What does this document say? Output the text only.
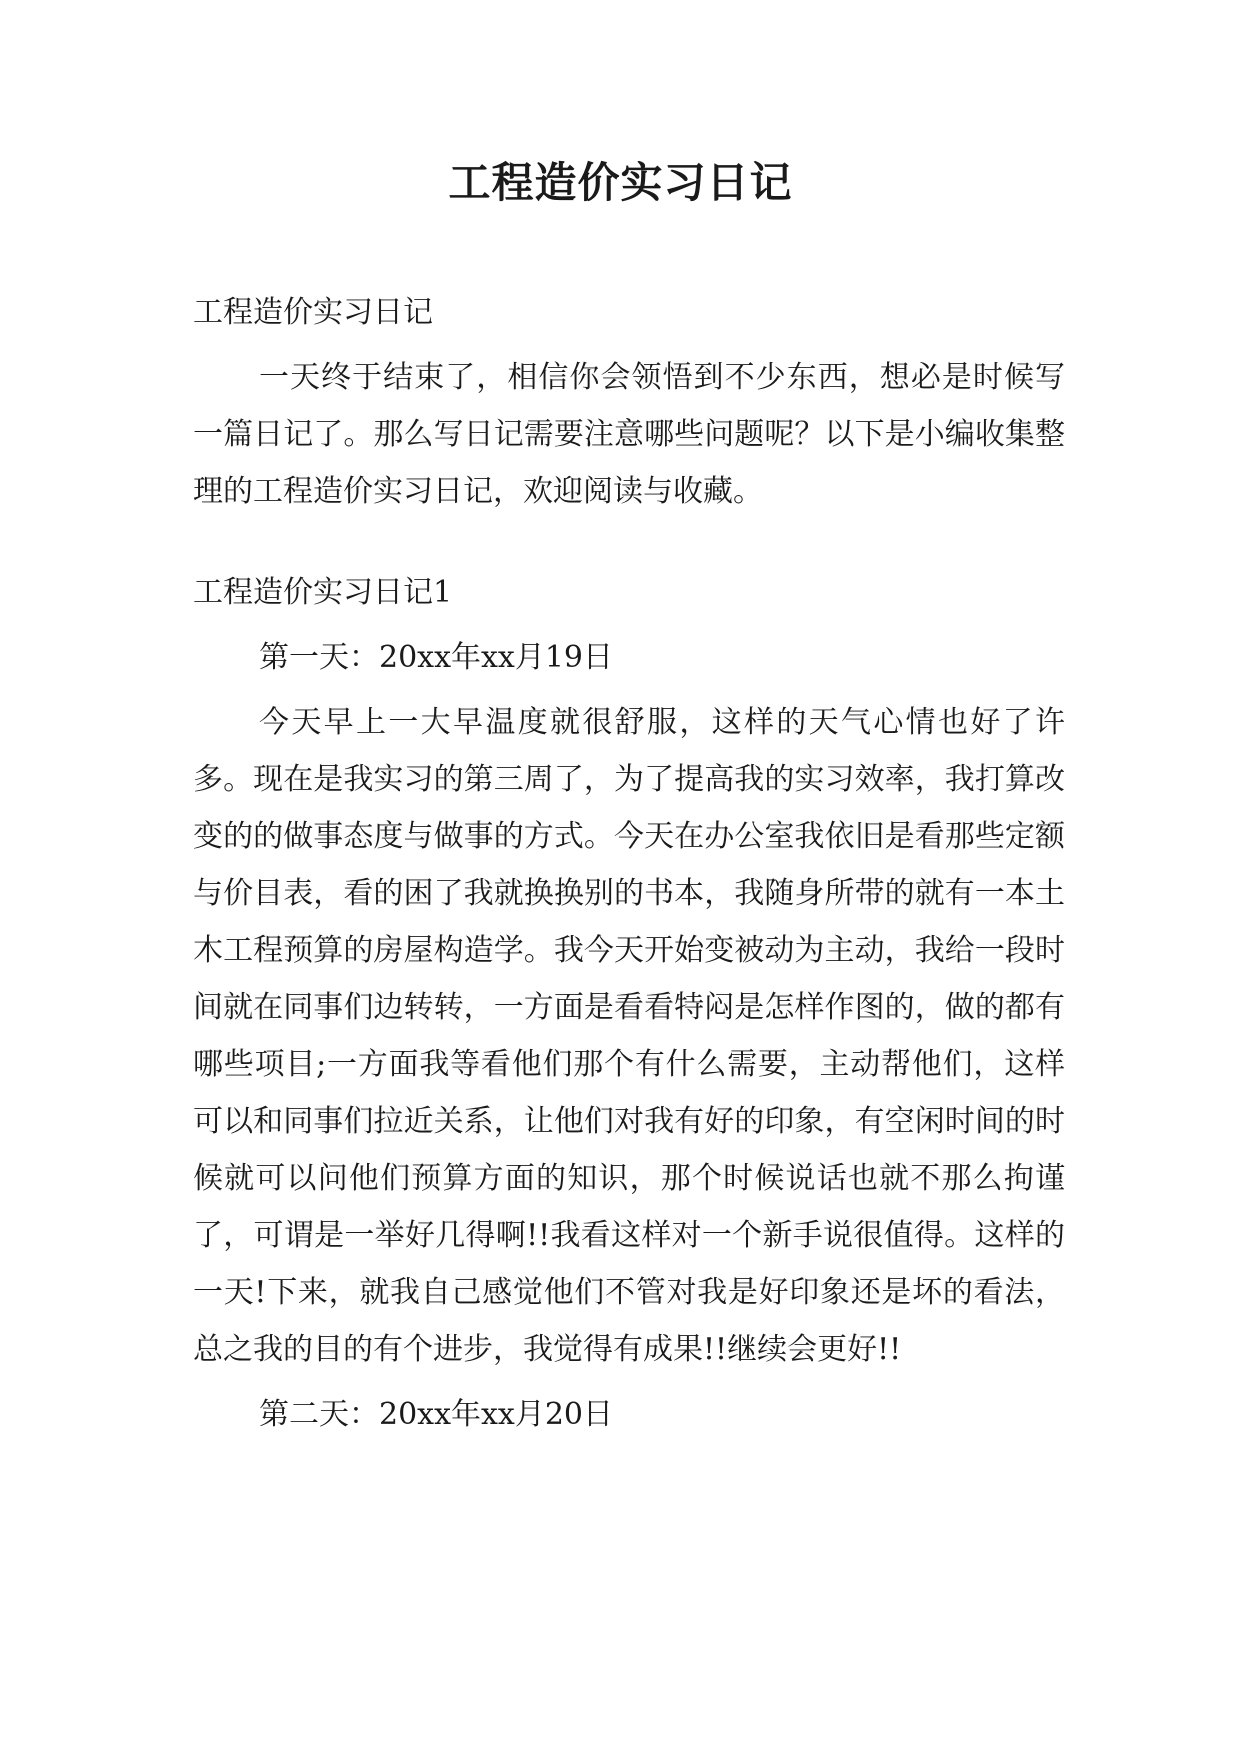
工程造价实习日记

工程造价实习日记

一天终于结束了，相信你会领悟到不少东西，想必是时候写一篇日记了。那么写日记需要注意哪些问题呢？以下是小编收集整理的工程造价实习日记，欢迎阅读与收藏。

工程造价实习日记1

第一天：20xx年xx月19日

今天早上一大早温度就很舒服，这样的天气心情也好了许多。现在是我实习的第三周了，为了提高我的实习效率，我打算改变的的做事态度与做事的方式。今天在办公室我依旧是看那些定额与价目表，看的困了我就换换别的书本，我随身所带的就有一本土木工程预算的房屋构造学。我今天开始变被动为主动，我给一段时间就在同事们边转转，一方面是看看特闷是怎样作图的，做的都有哪些项目;一方面我等看他们那个有什么需要，主动帮他们，这样可以和同事们拉近关系，让他们对我有好的印象，有空闲时间的时候就可以问他们预算方面的知识，那个时候说话也就不那么拘谨了，可谓是一举好几得啊!!我看这样对一个新手说很值得。这样的一天!下来，就我自己感觉他们不管对我是好印象还是坏的看法，总之我的目的有个进步，我觉得有成果!!继续会更好!!

第二天：20xx年xx月20日
